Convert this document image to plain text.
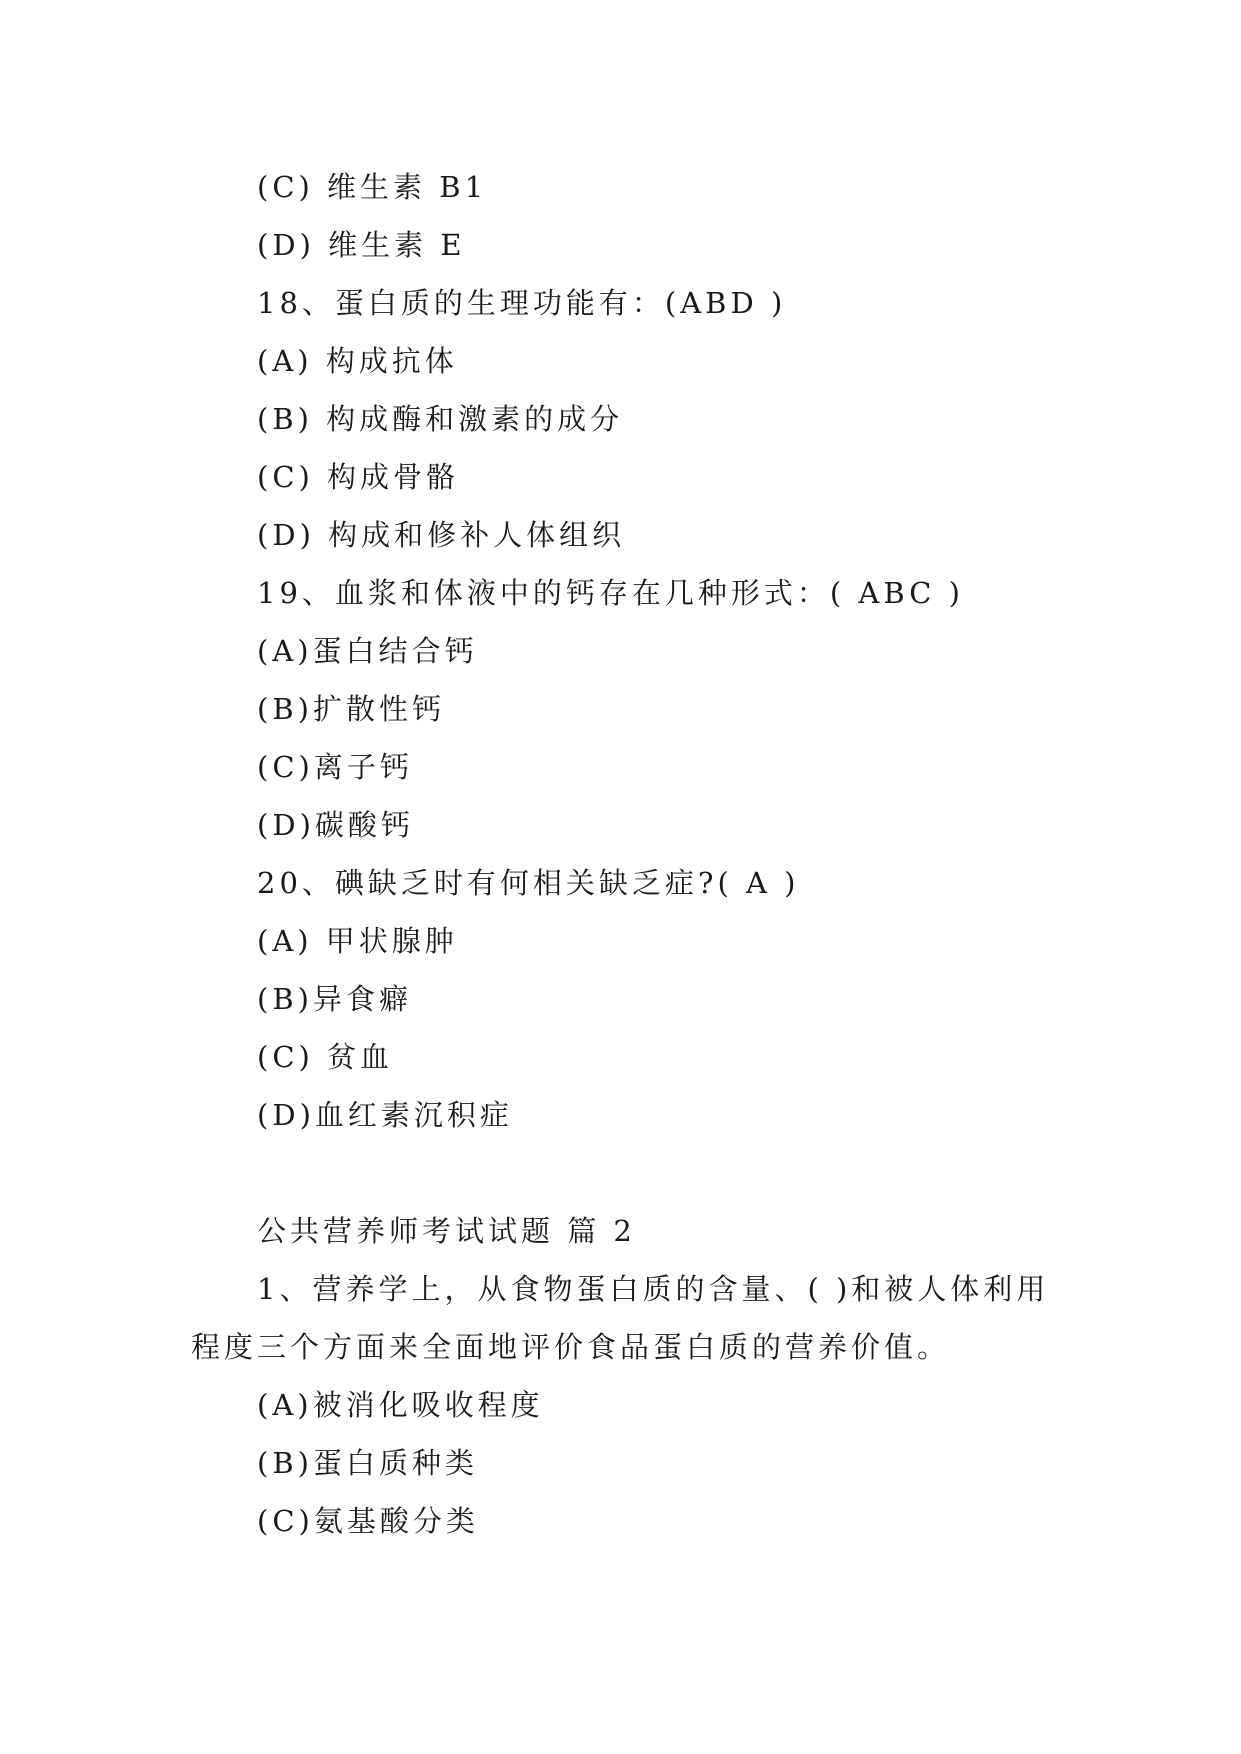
(C) 维生素 B1
(D) 维生素 E
18、蛋白质的生理功能有：(ABD )
(A) 构成抗体
(B) 构成酶和激素的成分
(C) 构成骨骼
(D) 构成和修补人体组织
19、血浆和体液中的钙存在几种形式：( ABC )
(A)蛋白结合钙
(B)扩散性钙
(C)离子钙
(D)碳酸钙
20、碘缺乏时有何相关缺乏症?( A )
(A) 甲状腺肿
(B)异食癖
(C) 贫血
(D)血红素沉积症
公共营养师考试试题 篇 2
1、营养学上，从食物蛋白质的含量、( )和被人体利用
程度三个方面来全面地评价食品蛋白质的营养价值。
(A)被消化吸收程度
(B)蛋白质种类
(C)氨基酸分类
